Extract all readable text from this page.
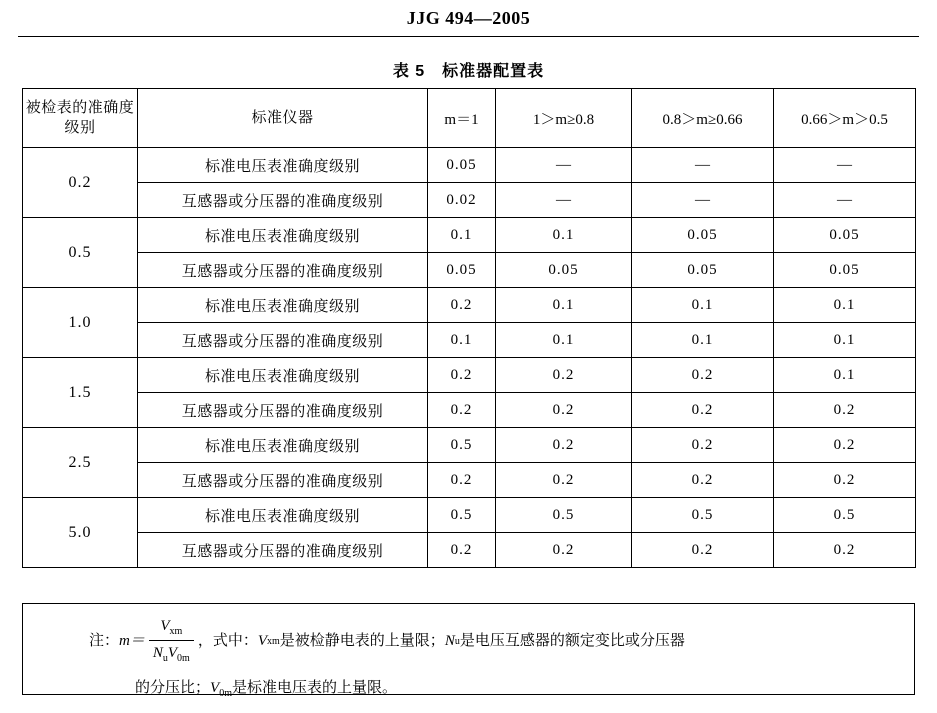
JJG 494—2005
表 5　标准器配置表
被检表的准确度级别	标准仪器	m＝1	1＞m≥0.8	0.8＞m≥0.66	0.66＞m＞0.5
0.2	标准电压表准确度级别	0.05	—	—	—
	互感器或分压器的准确度级别	0.02	—	—	—
0.5	标准电压表准确度级别	0.1	0.1	0.05	0.05
	互感器或分压器的准确度级别	0.05	0.05	0.05	0.05
1.0	标准电压表准确度级别	0.2	0.1	0.1	0.1
	互感器或分压器的准确度级别	0.1	0.1	0.1	0.1
1.5	标准电压表准确度级别	0.2	0.2	0.2	0.1
	互感器或分压器的准确度级别	0.2	0.2	0.2	0.2
2.5	标准电压表准确度级别	0.5	0.2	0.2	0.2
	互感器或分压器的准确度级别	0.2	0.2	0.2	0.2
5.0	标准电压表准确度级别	0.5	0.5	0.5	0.5
	互感器或分压器的准确度级别	0.2	0.2	0.2	0.2
注： $m= \frac{V_{xm}}{N_uV_{0m}}$ ，式中： V xm 是被检静电表的上量限； N u 是电压互感器的额定变比或分压器
的分压比；$V_{0m}$是标准电压表的上量限。
